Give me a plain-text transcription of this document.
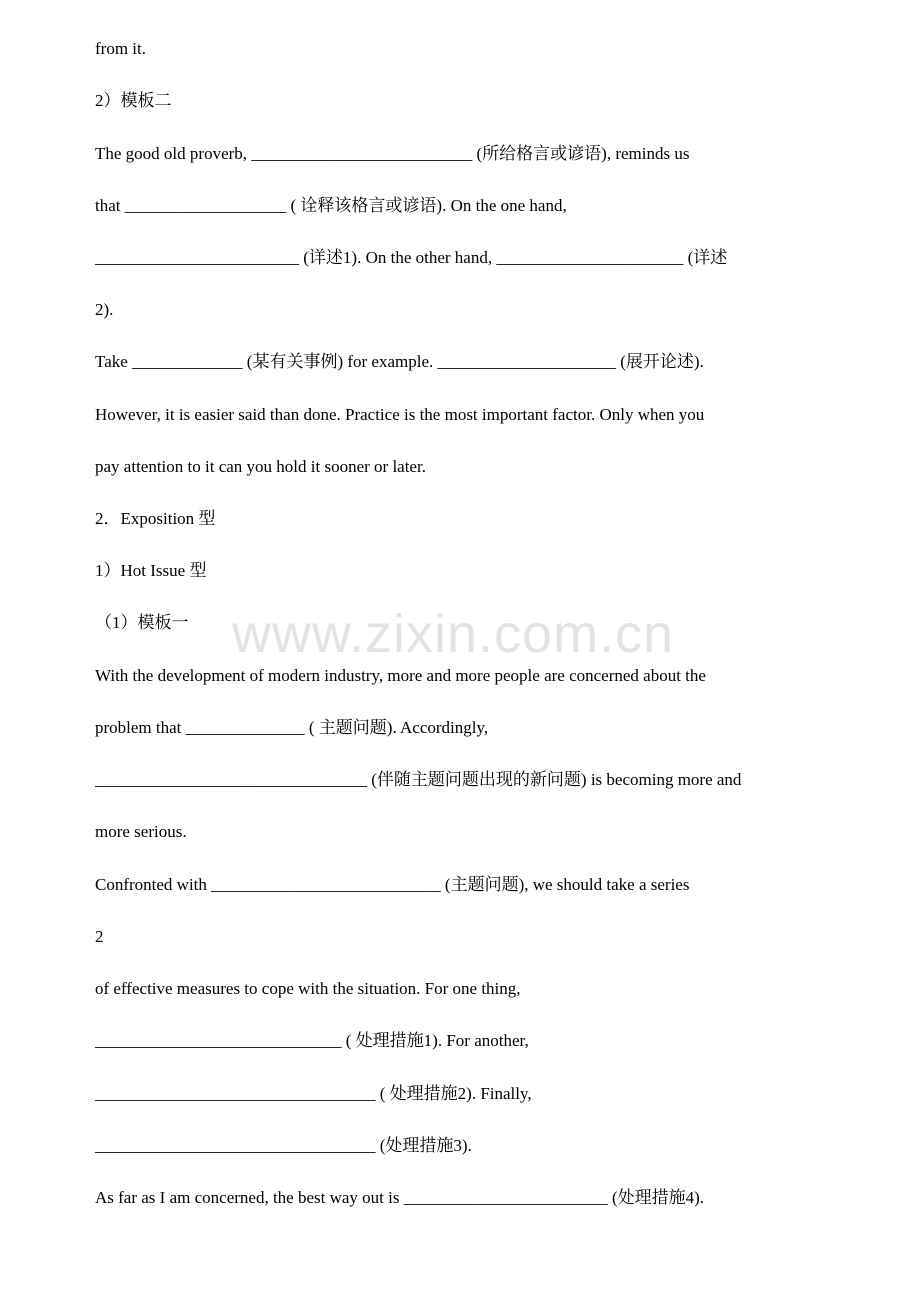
from it.
2）模板二
The good old proverb, __________________________ (所给格言或谚语), reminds us
that ___________________ ( 诠释该格言或谚语). On the one hand,
________________________ (详述1). On the other hand, ______________________ (详述
2).
Take _____________ (某有关事例) for example. _____________________ (展开论述).
However, it is easier said than done. Practice is the most important factor. Only when you
pay attention to it can you hold it sooner or later.
2．Exposition 型
1）Hot Issue 型
（1）模板一
With the development of modern industry, more and more people are concerned about the
problem that ______________ ( 主题问题). Accordingly,
________________________________ (伴随主题问题出现的新问题) is becoming more and
more serious.
Confronted with ___________________________ (主题问题), we should take a series
2
of effective measures to cope with the situation. For one thing,
_____________________________ ( 处理措施1). For another,
_________________________________ ( 处理措施2). Finally,
_________________________________ (处理措施3).
As far as I am concerned, the best way out is ________________________ (处理措施4).
www.zixin.com.cn
